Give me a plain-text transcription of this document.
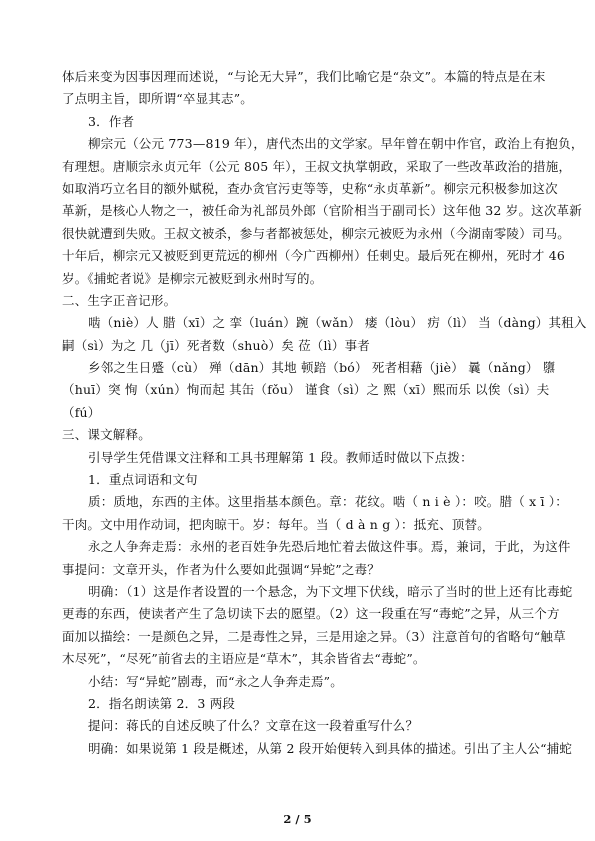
体后来变为因事因理而述说，“与论无大异”，我们比喻它是“杂文”。本篇的特点是在末
了点明主旨，即所谓“卒显其志”。
3．作者
柳宗元（公元 773—819 年），唐代杰出的文学家。早年曾在朝中作官，政治上有抱负，
有理想。唐顺宗永贞元年（公元 805 年），王叔文执掌朝政，采取了一些改革政治的措施，
如取消巧立名目的额外赋税，查办贪官污吏等等，史称“永贞革新”。柳宗元积极参加这次
革新，是核心人物之一，被任命为礼部员外郎（官阶相当于副司长）这年他 32 岁。这次革新
很快就遭到失败。王叔文被杀，参与者都被惩处，柳宗元被贬为永州（今湖南零陵）司马。
十年后，柳宗元又被贬到更荒远的柳州（今广西柳州）任刺史。最后死在柳州，死时才 46
岁。《捕蛇者说》是柳宗元被贬到永州时写的。
二、生字正音记形。
啮（niè）人 腊（xī）之 挛（luán）踠（wǎn） 瘘（lòu） 疠（lì） 当（dàng）其租入
嗣（sì）为之 几（jī）死者数（shuò）矣 莅（lì）事者
乡邻之生日蹙（cù） 殚（dān）其地 顿踣（bó） 死者相藉（jiè） 曩（nǎng） 隳
（huī）突 恂（xún）恂而起 其缶（fǒu） 谨食（sì）之 熙（xī）熙而乐 以俟（sì）夫
（fú）
三、课文解释。
引导学生凭借课文注释和工具书理解第 1 段。教师适时做以下点拨：
1．重点词语和文句
质：质地，东西的主体。这里指基本颜色。章：花纹。啮（ n i è ）：咬。腊（ x ī ）：
干肉。文中用作动词，把肉晾干。岁：每年。当（ d à n g ）：抵充、顶替。
永之人争奔走焉：永州的老百姓争先恐后地忙着去做这件事。焉，兼词，于此，为这件
事提问：文章开头，作者为什么要如此强调“异蛇”之毒？
明确：（1）这是作者设置的一个悬念，为下文埋下伏线，暗示了当时的世上还有比毒蛇
更毒的东西，使读者产生了急切读下去的愿望。（2）这一段重在写“毒蛇”之异，从三个方
面加以描绘：一是颜色之异，二是毒性之异，三是用途之异。（3）注意首句的省略句“触草
木尽死”，“尽死”前省去的主语应是“草木”，其余皆省去“毒蛇”。
小结：写“异蛇”剧毒，而“永之人争奔走焉”。
2．指名朗读第 2．3 两段
提问：蒋氏的自述反映了什么？文章在这一段着重写什么？
明确：如果说第 1 段是概述，从第 2 段开始便转入到具体的描述。引出了主人公“捕蛇
2 / 5
